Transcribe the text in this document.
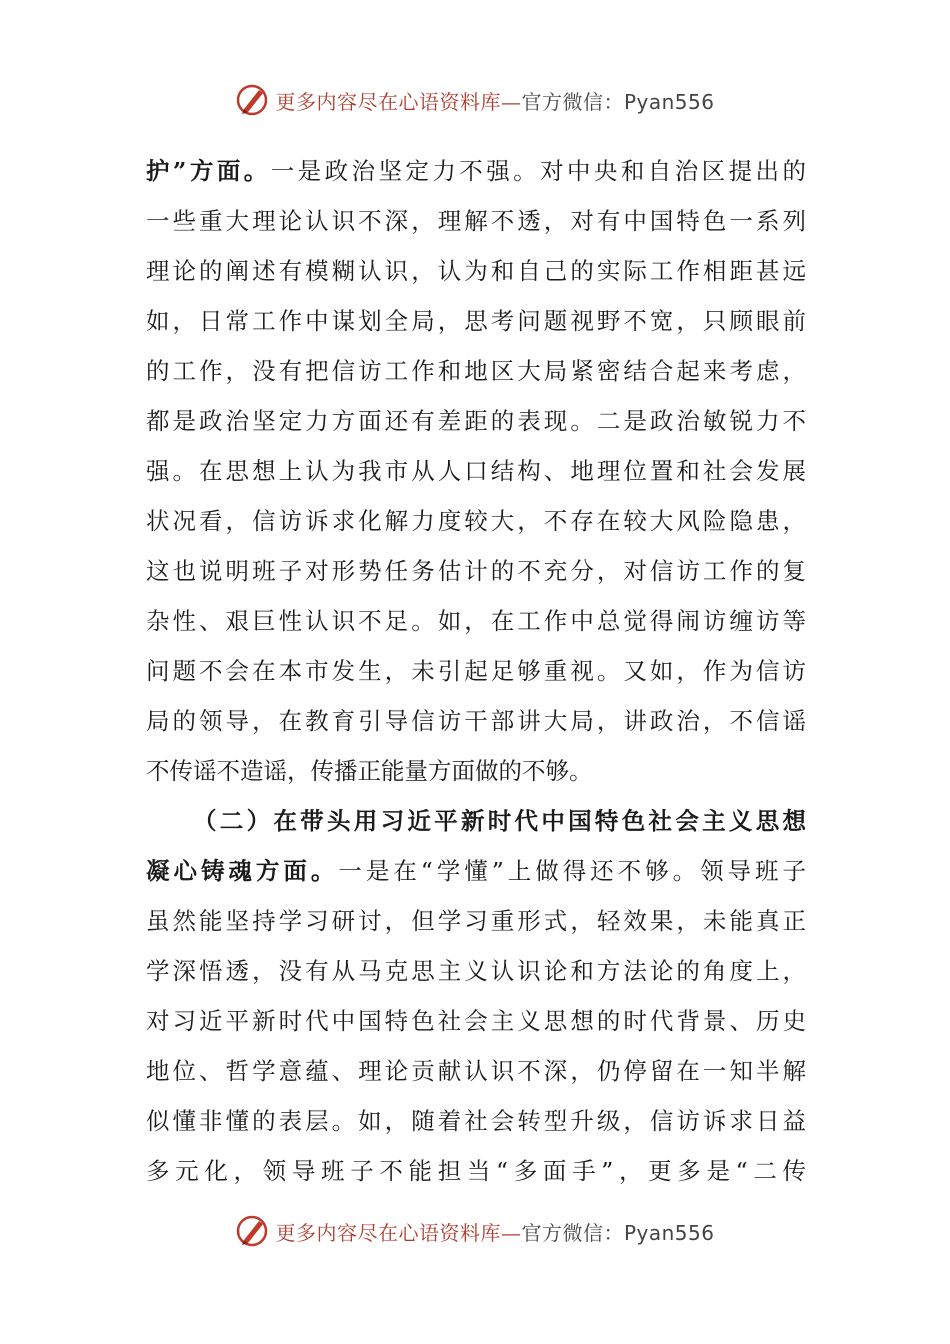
更多内容尽在心语资料库—官方微信：Pyan556
护”方面。一是政治坚定力不强。对中央和自治区提出的
一些重大理论认识不深，理解不透，对有中国特色一系列
理论的阐述有模糊认识，认为和自己的实际工作相距甚远
如，日常工作中谋划全局，思考问题视野不宽，只顾眼前
的工作，没有把信访工作和地区大局紧密结合起来考虑，
都是政治坚定力方面还有差距的表现。二是政治敏锐力不
强。在思想上认为我市从人口结构、地理位置和社会发展
状况看，信访诉求化解力度较大，不存在较大风险隐患，
这也说明班子对形势任务估计的不充分，对信访工作的复
杂性、艰巨性认识不足。如，在工作中总觉得闹访缠访等
问题不会在本市发生，未引起足够重视。又如，作为信访
局的领导，在教育引导信访干部讲大局，讲政治，不信谣
不传谣不造谣，传播正能量方面做的不够。
（二）在带头用习近平新时代中国特色社会主义思想
凝心铸魂方面。一是在“学懂”上做得还不够。领导班子
虽然能坚持学习研讨，但学习重形式，轻效果，未能真正
学深悟透，没有从马克思主义认识论和方法论的角度上，
对习近平新时代中国特色社会主义思想的时代背景、历史
地位、哲学意蕴、理论贡献认识不深，仍停留在一知半解
似懂非懂的表层。如，随着社会转型升级，信访诉求日益
多元化，领导班子不能担当“多面手”，更多是“二传
更多内容尽在心语资料库—官方微信：Pyan556
